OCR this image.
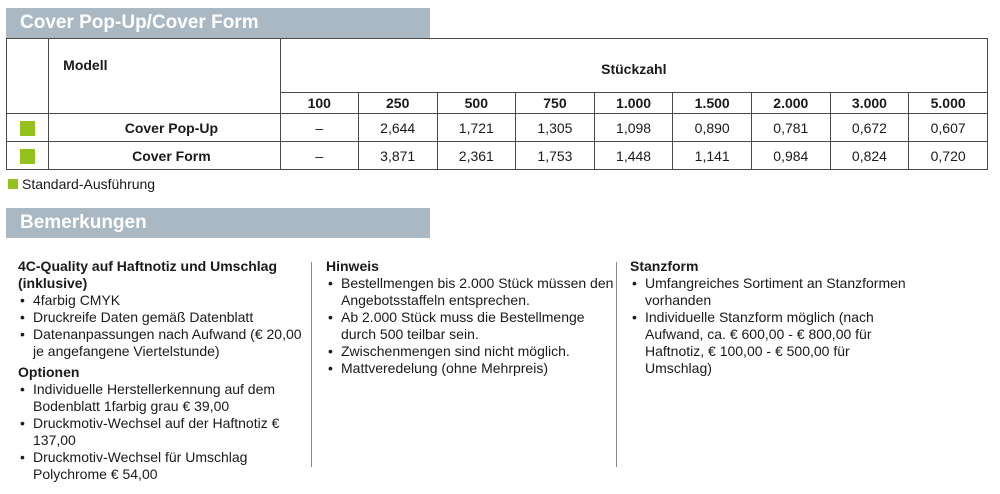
Cover Pop-Up/Cover Form
	Modell	Stückzahl								
		100	250	500	750	1.000	1.500	2.000	3.000	5.000
	Cover Pop-Up	–	2,644	1,721	1,305	1,098	0,890	0,781	0,672	0,607
	Cover Form	–	3,871	2,361	1,753	1,448	1,141	0,984	0,824	0,720
Standard-Ausführung
Bemerkungen
4C-Quality auf Haftnotiz und Umschlag (inklusive)
• 4farbig CMYK
• Druckreife Daten gemäß Datenblatt
• Datenanpassungen nach Aufwand (€ 20,00 je angefangene Viertelstunde)
Optionen
• Individuelle Herstellerkennung auf dem Bodenblatt 1farbig grau € 39,00
• Druckmotiv-Wechsel auf der Haftnotiz € 137,00
• Druckmotiv-Wechsel für Umschlag Polychrome € 54,00
Hinweis
• Bestellmengen bis 2.000 Stück müssen den Angebotsstaffeln entsprechen.
• Ab 2.000 Stück muss die Bestellmenge durch 500 teilbar sein.
• Zwischenmengen sind nicht möglich.
• Mattveredelung (ohne Mehrpreis)
Stanzform
• Umfangreiches Sortiment an Stanzformen vorhanden
• Individuelle Stanzform möglich (nach Aufwand, ca. € 600,00 - € 800,00 für Haftnotiz, € 100,00 - € 500,00 für Umschlag)
